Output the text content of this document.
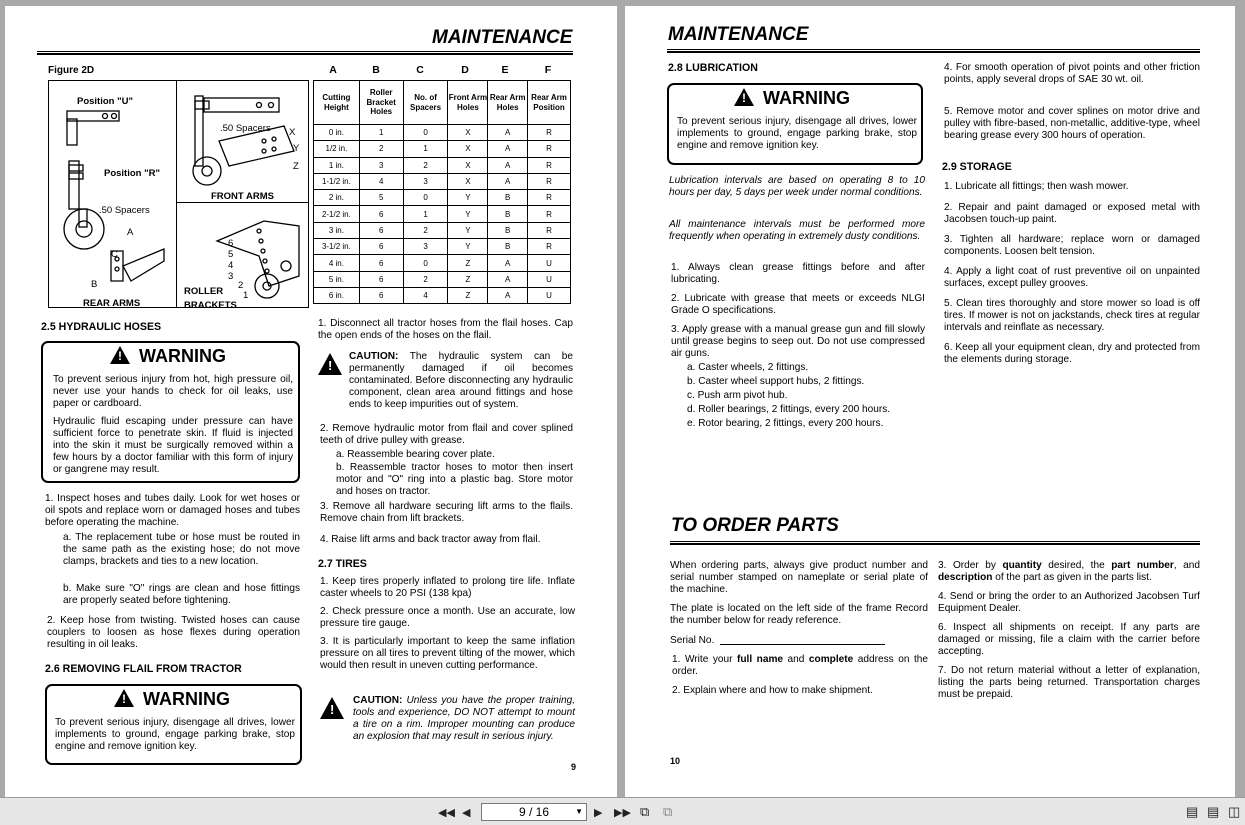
MAINTENANCE
Figure 2D	A	B	C	D	E	F
Position "U"
.50 Spacers
Position "R"
.50 Spacers
A
C
B
REAR ARMS
X
Y
Z
FRONT ARMS
6
5
4
3
2
1
ROLLER
BRACKETS
Cutting Height	Roller Bracket Holes	No. of Spacers	Front Arm Holes	Rear Arm Holes	Rear Arm Position
0 in.	1	0	X	A	R
1/2 in.	2	1	X	A	R
1 in.	3	2	X	A	R
1-1/2 in.	4	3	X	A	R
2 in.	5	0	Y	B	R
2-1/2 in.	6	1	Y	B	R
3 in.	6	2	Y	B	R
3-1/2 in.	6	3	Y	B	R
4 in.	6	0	Z	A	U
5 in.	6	2	Z	A	U
6 in.	6	4	Z	A	U
2.5 HYDRAULIC HOSES
!WARNING
To prevent serious injury from hot, high pressure oil, never use your hands to check for oil leaks, use paper or cardboard.
Hydraulic fluid escaping under pressure can have sufficient force to penetrate skin. If fluid is injected into the skin it must be surgically removed within a few hours by a doctor familiar with this form of injury or gangrene may result.
1. Inspect hoses and tubes daily. Look for wet hoses or oil spots and replace worn or damaged hoses and tubes before operating the machine.
a. The replacement tube or hose must be routed in the same path as the existing hose; do not move clamps, brackets and ties to a new location.
b. Make sure "O" rings are clean and hose fittings are properly seated before tightening.
2. Keep hose from twisting. Twisted hoses can cause couplers to loosen as hose flexes during operation resulting in oil leaks.
2.6 REMOVING FLAIL FROM TRACTOR
!WARNING
To prevent serious injury, disengage all drives, lower implements to ground, engage parking brake, stop engine and remove ignition key.
1. Disconnect all tractor hoses from the flail hoses. Cap the open ends of the hoses on the flail.
!
CAUTION: The hydraulic system can be permanently damaged if oil becomes contaminated. Before disconnecting any hydraulic component, clean area around fittings and hose ends to keep impurities out of system.
2. Remove hydraulic motor from flail and cover splined teeth of drive pulley with grease.
a. Reassemble bearing cover plate.
b. Reassemble tractor hoses to motor then insert motor and "O" ring into a plastic bag. Store motor and hoses on tractor.
3. Remove all hardware securing lift arms to the flails. Remove chain from lift brackets.
4. Raise lift arms and back tractor away from flail.
2.7 TIRES
1. Keep tires properly inflated to prolong tire life. Inflate caster wheels to 20 PSI (138 kpa)
2. Check pressure once a month. Use an accurate, low pressure tire gauge.
3. It is particularly important to keep the same inflation pressure on all tires to prevent tilting of the mower, which would then result in uneven cutting performance.
!
CAUTION: Unless you have the proper training, tools and experience, DO NOT attempt to mount a tire on a rim. Improper mounting can produce an explosion that may result in serious injury.
9
MAINTENANCE
2.8 LUBRICATION
!WARNING
To prevent serious injury, disengage all drives, lower implements to ground, engage parking brake, stop engine and remove ignition key.
Lubrication intervals are based on operating 8 to 10 hours per day, 5 days per week under normal conditions.
All maintenance intervals must be performed more frequently when operating in extremely dusty conditions.
1. Always clean grease fittings before and after lubricating.
2. Lubricate with grease that meets or exceeds NLGI Grade O specifications.
3. Apply grease with a manual grease gun and fill slowly until grease begins to seep out. Do not use compressed air guns.
a. Caster wheels, 2 fittings.
b. Caster wheel support hubs, 2 fittings.
c. Push arm pivot hub.
d. Roller bearings, 2 fittings, every 200 hours.
e. Rotor bearing, 2 fittings, every 200 hours.
4. For smooth operation of pivot points and other friction points, apply several drops of SAE 30 wt. oil.
5. Remove motor and cover splines on motor drive and pulley with fibre-based, non-metallic, additive-type, wheel bearing grease every 300 hours of operation.
2.9 STORAGE
1. Lubricate all fittings; then wash mower.
2. Repair and paint damaged or exposed metal with Jacobsen touch-up paint.
3. Tighten all hardware; replace worn or damaged components. Loosen belt tension.
4. Apply a light coat of rust preventive oil on unpainted surfaces, except pulley grooves.
5. Clean tires thoroughly and store mower so load is off tires. If mower is not on jackstands, check tires at regular intervals and reinflate as necessary.
6. Keep all your equipment clean, dry and protected from the elements during storage.
TO ORDER PARTS
When ordering parts, always give product number and serial number stamped on nameplate or serial plate of the machine.
The plate is located on the left side of the frame Record the number below for ready reference.
Serial No.
1. Write your full name and complete address on the order.
2. Explain where and how to make shipment.
3. Order by quantity desired, the part number, and description of the part as given in the parts list.
4. Send or bring the order to an Authorized Jacobsen Turf Equipment Dealer.
6. Inspect all shipments on receipt. If any parts are damaged or missing, file a claim with the carrier before accepting.
7. Do not return material without a letter of explanation, listing the parts being returned. Transportation charges must be prepaid.
10
◀◀ ◀	▶ ▶▶ ⧉ ⧉	▤ ▤ ◫
9 / 16	▼
